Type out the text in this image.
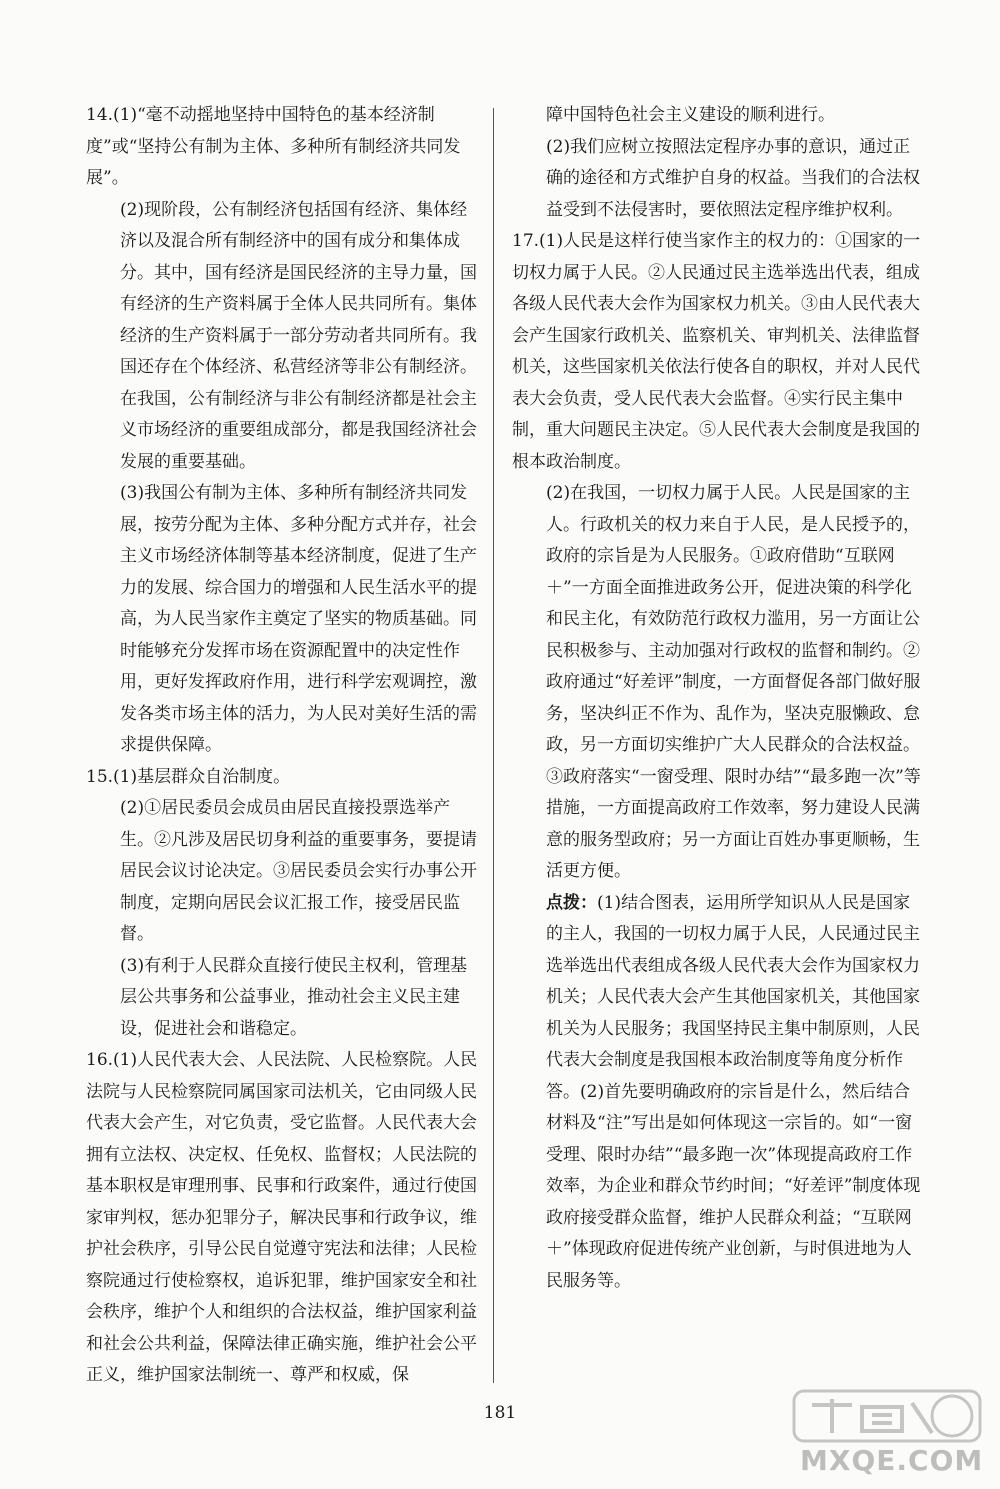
14.(1)“毫不动摇地坚持中国特色的基本经济制度”或“坚持公有制为主体、多种所有制经济共同发展”。

(2)现阶段，公有制经济包括国有经济、集体经济以及混合所有制经济中的国有成分和集体成分。其中，国有经济是国民经济的主导力量，国有经济的生产资料属于全体人民共同所有。集体经济的生产资料属于一部分劳动者共同所有。我国还存在个体经济、私营经济等非公有制经济。在我国，公有制经济与非公有制经济都是社会主义市场经济的重要组成部分，都是我国经济社会发展的重要基础。

(3)我国公有制为主体、多种所有制经济共同发展，按劳分配为主体、多种分配方式并存，社会主义市场经济体制等基本经济制度，促进了生产力的发展、综合国力的增强和人民生活水平的提高，为人民当家作主奠定了坚实的物质基础。同时能够充分发挥市场在资源配置中的决定性作用，更好发挥政府作用，进行科学宏观调控，激发各类市场主体的活力，为人民对美好生活的需求提供保障。

15.(1)基层群众自治制度。

(2)①居民委员会成员由居民直接投票选举产生。②凡涉及居民切身利益的重要事务，要提请居民会议讨论决定。③居民委员会实行办事公开制度，定期向居民会议汇报工作，接受居民监督。

(3)有利于人民群众直接行使民主权利，管理基层公共事务和公益事业，推动社会主义民主建设，促进社会和谐稳定。

16.(1)人民代表大会、人民法院、人民检察院。人民法院与人民检察院同属国家司法机关，它由同级人民代表大会产生，对它负责，受它监督。人民代表大会拥有立法权、决定权、任免权、监督权；人民法院的基本职权是审理刑事、民事和行政案件，通过行使国家审判权，惩办犯罪分子，解决民事和行政争议，维护社会秩序，引导公民自觉遵守宪法和法律；人民检察院通过行使检察权，追诉犯罪，维护国家安全和社会秩序，维护个人和组织的合法权益，维护国家利益和社会公共利益，保障法律正确实施，维护社会公平正义，维护国家法制统一、尊严和权威，保

障中国特色社会主义建设的顺利进行。

(2)我们应树立按照法定程序办事的意识，通过正确的途径和方式维护自身的权益。当我们的合法权益受到不法侵害时，要依照法定程序维护权利。

17.(1)人民是这样行使当家作主的权力的：①国家的一切权力属于人民。②人民通过民主选举选出代表，组成各级人民代表大会作为国家权力机关。③由人民代表大会产生国家行政机关、监察机关、审判机关、法律监督机关，这些国家机关依法行使各自的职权，并对人民代表大会负责，受人民代表大会监督。④实行民主集中制，重大问题民主决定。⑤人民代表大会制度是我国的根本政治制度。

(2)在我国，一切权力属于人民。人民是国家的主人。行政机关的权力来自于人民，是人民授予的，政府的宗旨是为人民服务。①政府借助“互联网＋”一方面全面推进政务公开，促进决策的科学化和民主化，有效防范行政权力滥用，另一方面让公民积极参与、主动加强对行政权的监督和制约。②政府通过“好差评”制度，一方面督促各部门做好服务，坚决纠正不作为、乱作为，坚决克服懒政、怠政，另一方面切实维护广大人民群众的合法权益。③政府落实“一窗受理、限时办结”“最多跑一次”等措施，一方面提高政府工作效率，努力建设人民满意的服务型政府；另一方面让百姓办事更顺畅，生活更方便。

点拨：(1)结合图表，运用所学知识从人民是国家的主人，我国的一切权力属于人民，人民通过民主选举选出代表组成各级人民代表大会作为国家权力机关；人民代表大会产生其他国家机关，其他国家机关为人民服务；我国坚持民主集中制原则，人民代表大会制度是我国根本政治制度等角度分析作答。(2)首先要明确政府的宗旨是什么，然后结合材料及“注”写出是如何体现这一宗旨的。如“一窗受理、限时办结”“最多跑一次”体现提高政府工作效率，为企业和群众节约时间；“好差评”制度体现政府接受群众监督，维护人民群众利益；“互联网＋”体现政府促进传统产业创新，与时俱进地为人民服务等。

181
MXQE.COM
